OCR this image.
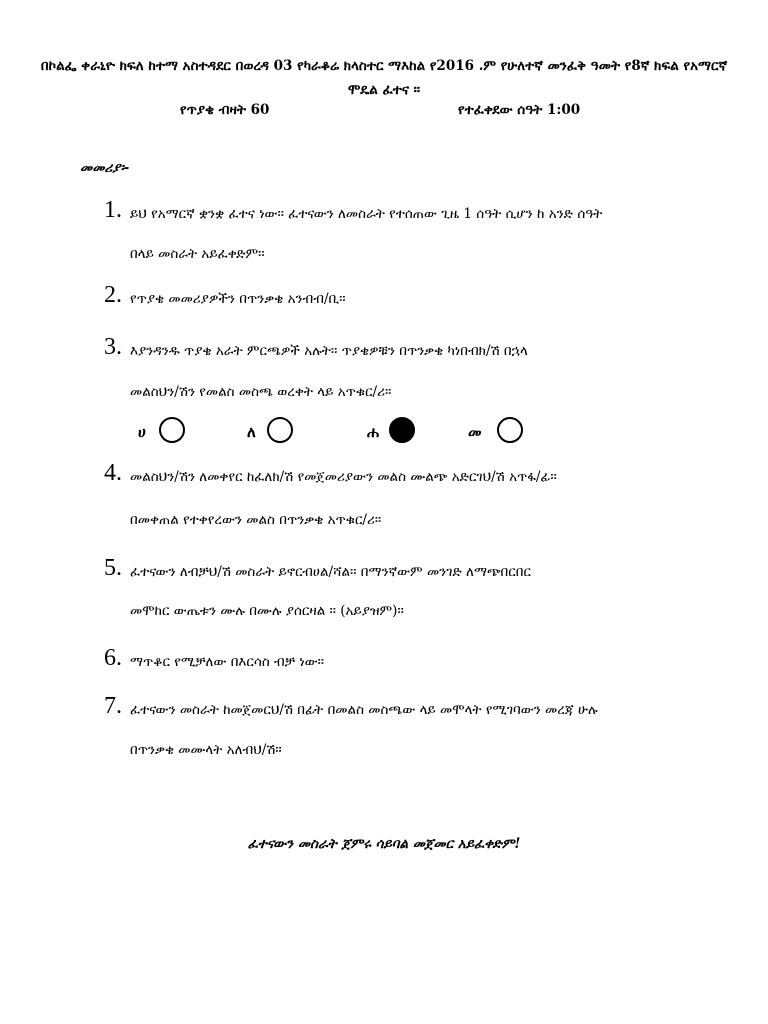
በኮልፌ ቀራኒዮ ክፍለ ከተማ አስተዳደር በወረዳ 03 የካራቆሬ ክላስተር ማእከል የ2016 .ም የሁለተኛ መንፈቅ ዓመት የ8ኛ ክፍል የአማርኛ ሞዴል ፈተና ፡፡
የጥያቄ ብዛት 60	የተፈቀደው ሰዓት 1:00
መመሪያ፡-
1. ይህ የአማርኛ ቋንቋ ፈተና ነው፡፡ ፈተናውን ለመስራት የተሰጠው ጊዜ 1 ሰዓት ሲሆን ከ አንድ ሰዓት
በላይ መስራት አይፈቀድም፡፡
2. የጥያቄ መመሪያዎችን በጥንቃቄ አንብብ/ቢ፡፡
3. እያንዳንዱ ጥያቄ አራት ምርጫዎች አሉት፡፡ ጥያቄዎቹን በጥንቃቄ ካነበብክ/ሽ በኋላ
መልስህን/ሽን የመልስ መስጫ ወረቀት ላይ አጥቁር/ሪ፡፡
ሀ	ለ	ሐ	መ
4. መልስህን/ሽን ለመቀየር ከፈለክ/ሽ የመጀመሪያውን መልስ ሙልጭ አድርገህ/ሽ አጥፋ/ፊ፡፡
በመቀጠል የተቀየረውን መልስ በጥንቃቄ አጥቁር/ሪ፡፡
5. ፈተናውን ለብቻህ/ሽ መስራት ይኖርብሀል/ሻል፡፡ በማንኛውም መንገድ ለማጭበርበር
መሞከር ውጤቱን ሙሉ በሙሉ ያሰርዛል ፡፡ (አይያዝም)፡፡
6. ማጥቆር የሚቻለው በእርሳስ ብቻ ነው፡፡
7. ፈተናውን መስራት ከመጀመርህ/ሽ በፊት በመልስ መስጫው ላይ መሞላት የሚገባውን መረጃ ሁሉ
በጥንቃቄ መሙላት አለብህ/ሽ።
ፈተናውን መስራት ጀምሩ ሳይባል መጀመር አይፈቀድም!
